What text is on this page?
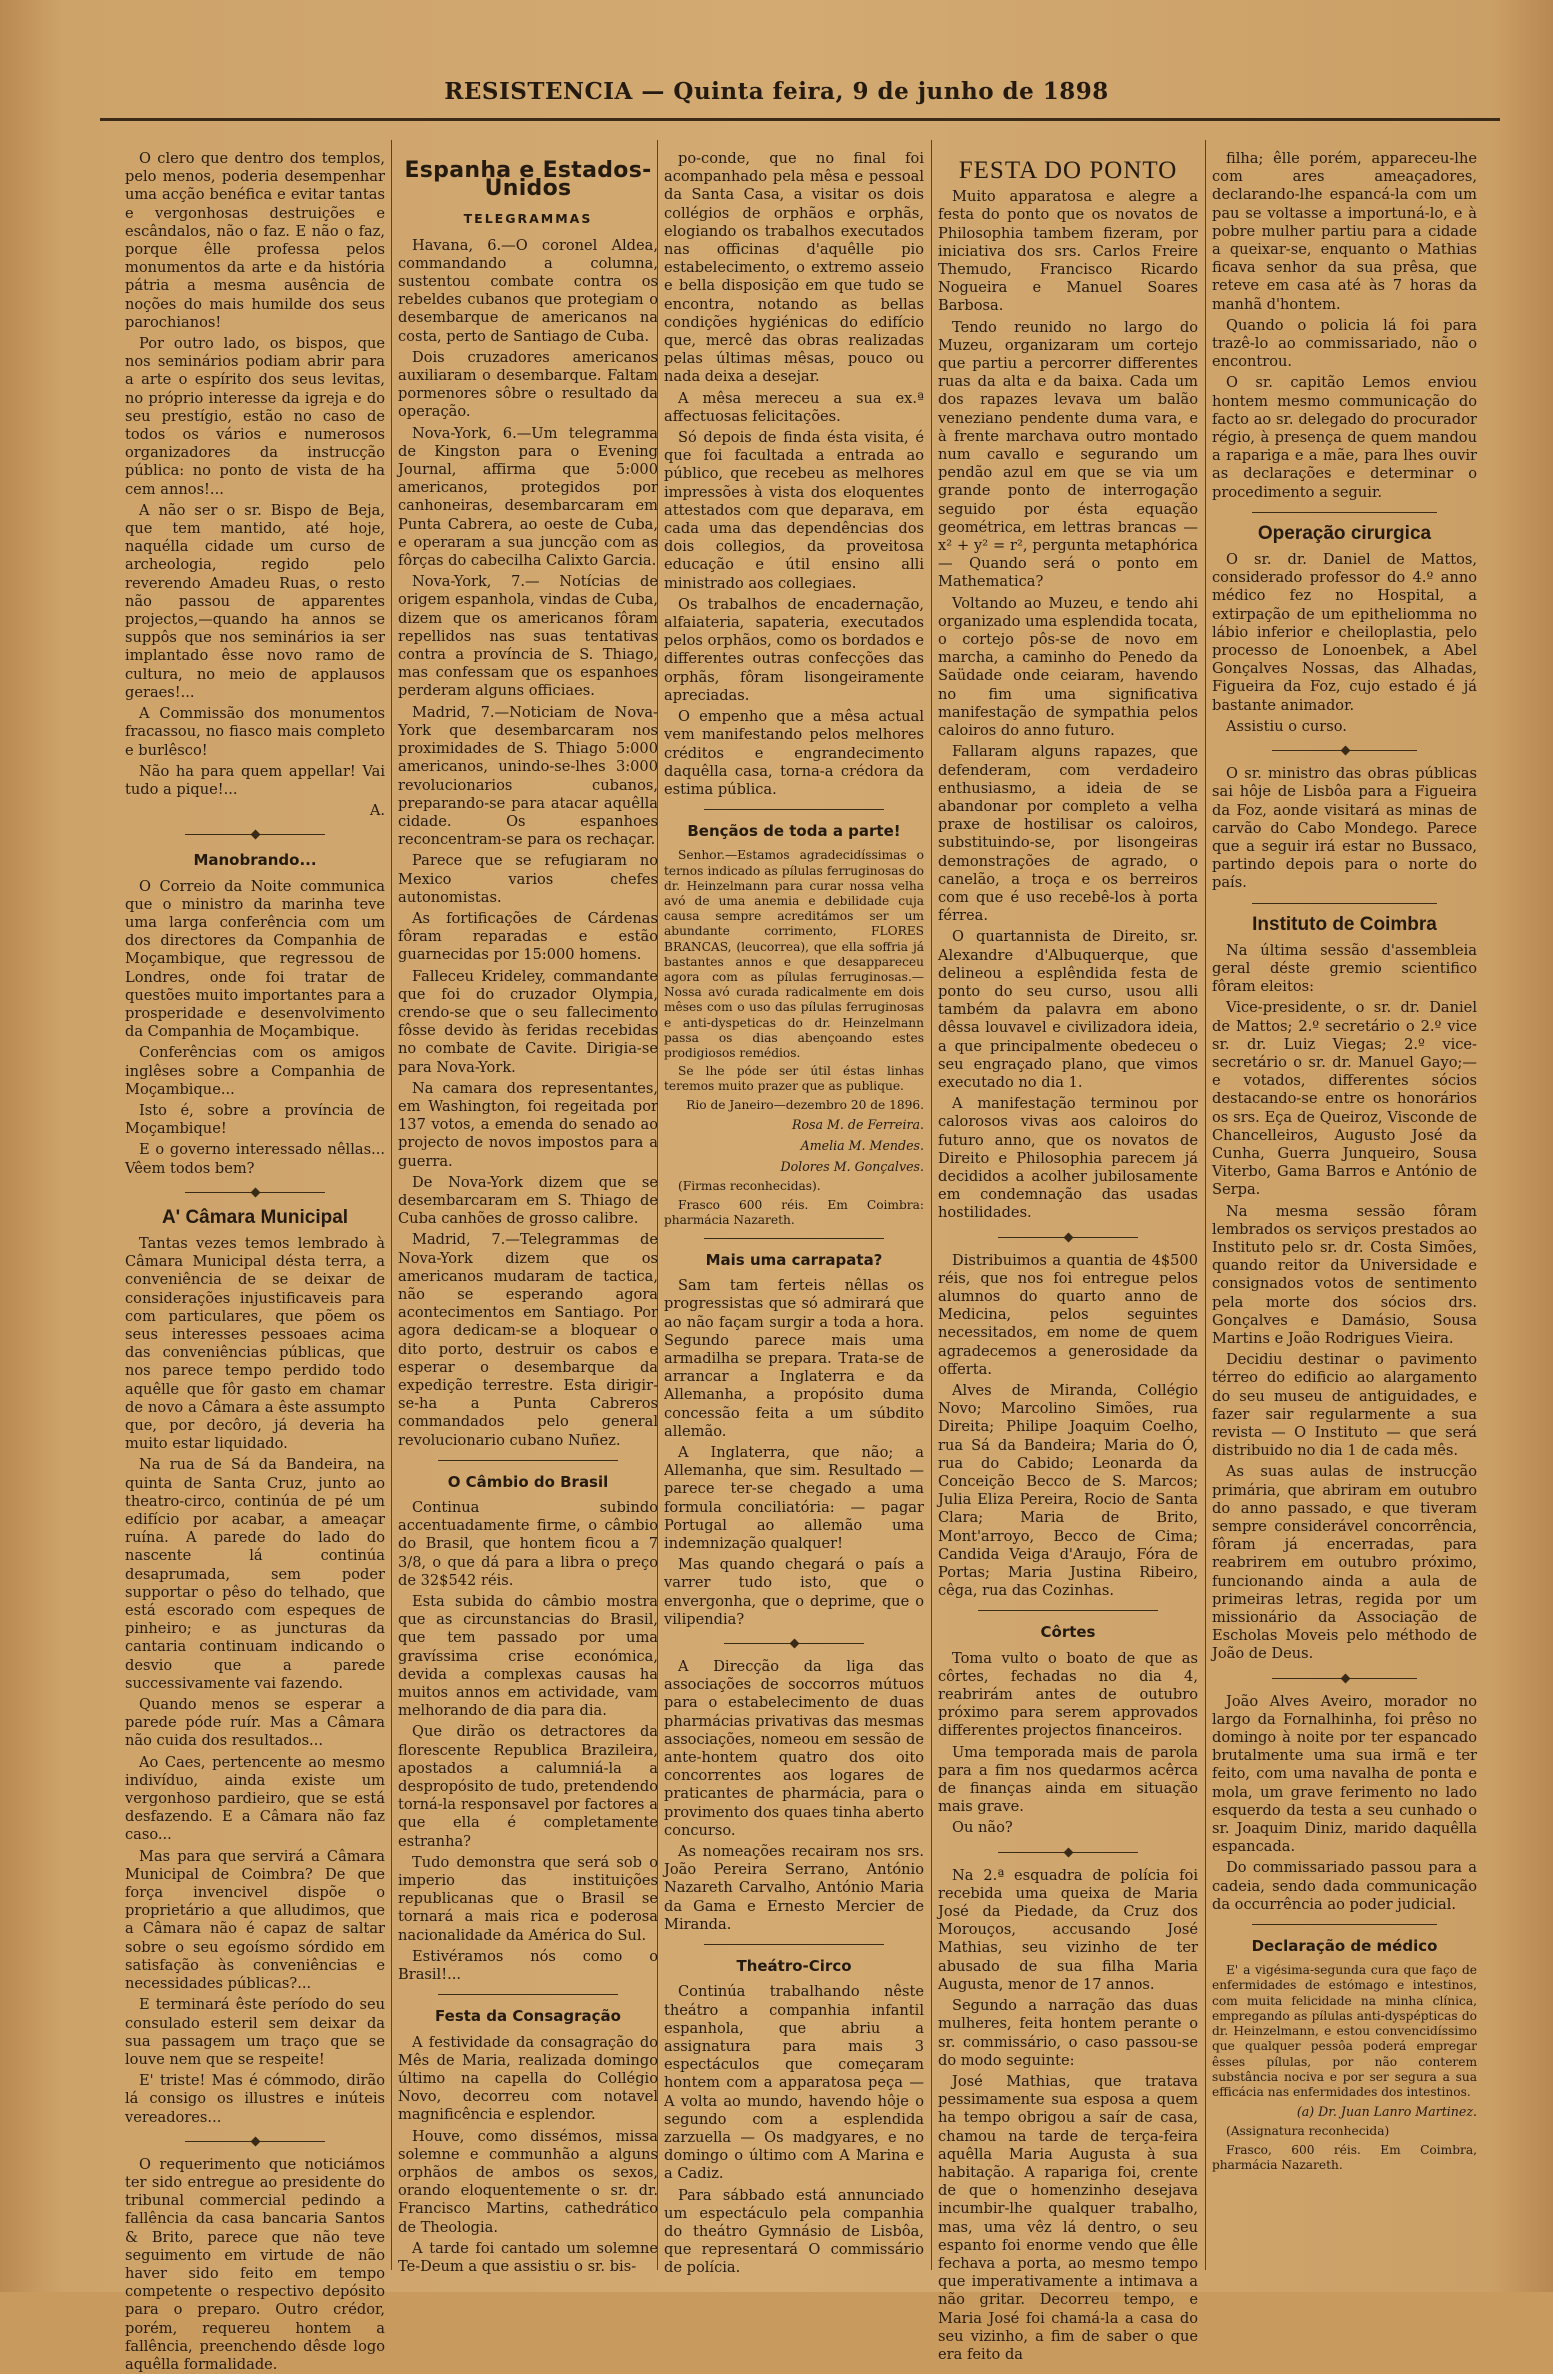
RESISTENCIA — Quinta feira, 9 de junho de 1898

O clero que dentro dos templos, pelo menos, poderia desempenhar uma acção benéfica e evitar tantas e vergonhosas destruições e escândalos, não o faz. E não o faz, porque êlle professa pelos monumentos da arte e da história pátria a mesma ausência de noções do mais humilde dos seus parochianos!

Por outro lado, os bispos, que nos seminários podiam abrir para a arte o espírito dos seus levitas, no próprio interesse da igreja e do seu prestígio, estão no caso de todos os vários e numerosos organizadores da instrucção pública: no ponto de vista de ha cem annos!...

A não ser o sr. Bispo de Beja, que tem mantido, até hoje, naquélla cidade um curso de archeologia, regido pelo reverendo Amadeu Ruas, o resto não passou de apparentes projectos,—quando ha annos se suppôs que nos seminários ia ser implantado êsse novo ramo de cultura, no meio de applausos geraes!...

A Commissão dos monumentos fracassou, no fiasco mais completo e burlêsco!

Não ha para quem appellar! Vai tudo a pique!...

A.

Manobrando...

O Correio da Noite communica que o ministro da marinha teve uma larga conferência com um dos directores da Companhia de Moçambique, que regressou de Londres, onde foi tratar de questões muito importantes para a prosperidade e desenvolvimento da Companhia de Moçambique.

Conferências com os amigos inglêses sobre a Companhia de Moçambique...

Isto é, sobre a província de Moçambique!

E o governo interessado nêllas... Vêem todos bem?

A' Câmara Municipal

Tantas vezes temos lembrado à Câmara Municipal désta terra, a conveniência de se deixar de considerações injustificaveis para com particulares, que põem os seus interesses pessoaes acima das conveniências públicas, que nos parece tempo perdido todo aquêlle que fôr gasto em chamar de novo a Câmara a êste assumpto que, por decôro, já deveria ha muito estar liquidado.

Na rua de Sá da Bandeira, na quinta de Santa Cruz, junto ao theatro-circo, continúa de pé um edifício por acabar, a ameaçar ruína. A parede do lado do nascente lá continúa desaprumada, sem poder supportar o pêso do telhado, que está escorado com espeques de pinheiro; e as juncturas da cantaria continuam indicando o desvio que a parede successivamente vai fazendo.

Quando menos se esperar a parede póde ruír. Mas a Câmara não cuida dos resultados...

Ao Caes, pertencente ao mesmo indivíduo, ainda existe um vergonhoso pardieiro, que se está desfazendo. E a Câmara não faz caso...

Mas para que servirá a Câmara Municipal de Coimbra? De que força invencivel dispõe o proprietário a que alludimos, que a Câmara não é capaz de saltar sobre o seu egoísmo sórdido em satisfação às conveniências e necessidades públicas?...

E terminará êste período do seu consulado esteril sem deixar da sua passagem um traço que se louve nem que se respeite!

E' triste! Mas é cómmodo, dirão lá consigo os illustres e inúteis vereadores...

O requerimento que noticiámos ter sido entregue ao presidente do tribunal commercial pedindo a fallência da casa bancaria Santos & Brito, parece que não teve seguimento em virtude de não haver sido feito em tempo competente o respectivo depósito para o preparo. Outro crédor, porém, requereu hontem a fallência, preenchendo dêsde logo aquêlla formalidade.

Espanha e Estados-Unidos
TELEGRAMMAS

Havana, 6.—O coronel Aldea, commandando a columna, sustentou combate contra os rebeldes cubanos que protegiam o desembarque de americanos na costa, perto de Santiago de Cuba.

Dois cruzadores americanos auxiliaram o desembarque. Faltam pormenores sôbre o resultado da operação.

Nova-York, 6.—Um telegramma de Kingston para o Evening Journal, affirma que 5:000 americanos, protegidos por canhoneiras, desembarcaram em Punta Cabrera, ao oeste de Cuba, e operaram a sua juncção com as fôrças do cabecilha Calixto Garcia.

Nova-York, 7.— Notícias de origem espanhola, vindas de Cuba, dizem que os americanos fôram repellidos nas suas tentativas contra a província de S. Thiago, mas confessam que os espanhoes perderam alguns officiaes.

Madrid, 7.—Noticiam de Nova-York que desembarcaram nos proximidades de S. Thiago 5:000 americanos, unindo-se-lhes 3:000 revolucionarios cubanos, preparando-se para atacar aquêlla cidade. Os espanhoes reconcentram-se para os rechaçar.

Parece que se refugiaram no Mexico varios chefes autonomistas.

As fortificações de Cárdenas fôram reparadas e estão guarnecidas por 15:000 homens.

Falleceu Krideley, commandante que foi do cruzador Olympia, crendo-se que o seu fallecimento fôsse devido às feridas recebidas no combate de Cavite. Dirigia-se para Nova-York.

Na camara dos representantes, em Washington, foi regeitada por 137 votos, a emenda do senado ao projecto de novos impostos para a guerra.

De Nova-York dizem que se desembarcaram em S. Thiago de Cuba canhões de grosso calibre.

Madrid, 7.—Telegrammas de Nova-York dizem que os americanos mudaram de tactica, não se esperando agora acontecimentos em Santiago. Por agora dedicam-se a bloquear o dito porto, destruir os cabos e esperar o desembarque da expedição terrestre. Esta dirigir-se-ha a Punta Cabreros commandados pelo general revolucionario cubano Nuñez.

O Câmbio do Brasil

Continua subindo accentuadamente firme, o câmbio do Brasil, que hontem ficou a 7 3/8, o que dá para a libra o preço de 32$542 réis.

Esta subida do câmbio mostra que as circunstancias do Brasil, que tem passado por uma gravíssima crise económica, devida a complexas causas ha muitos annos em actividade, vam melhorando de dia para dia.

Que dirão os detractores da florescente Republica Brazileira, apostados a calumniá-la a despropósito de tudo, pretendendo torná-la responsavel por factores a que ella é completamente estranha?

Tudo demonstra que será sob o imperio das instituições republicanas que o Brasil se tornará a mais rica e poderosa nacionalidade da América do Sul.

Estivéramos nós como o Brasil!...

Festa da Consagração

A festividade da consagração do Mês de Maria, realizada domingo último na capella do Collégio Novo, decorreu com notavel magnificência e esplendor.

Houve, como dissémos, missa solemne e communhão a alguns orphãos de ambos os sexos, orando eloquentemente o sr. dr. Francisco Martins, cathedrático de Theologia.

A tarde foi cantado um solemne Te-Deum a que assistiu o sr. bis-

po-conde, que no final foi acompanhado pela mêsa e pessoal da Santa Casa, a visitar os dois collégios de orphãos e orphãs, elogiando os trabalhos executados nas officinas d'aquêlle pio estabelecimento, o extremo asseio e bella disposição em que tudo se encontra, notando as bellas condições hygiénicas do edifício que, mercê das obras realizadas pelas últimas mêsas, pouco ou nada deixa a desejar.

A mêsa mereceu a sua ex.ª affectuosas felicitações.

Só depois de finda ésta visita, é que foi facultada a entrada ao público, que recebeu as melhores impressões à vista dos eloquentes attestados com que deparava, em cada uma das dependências dos dois collegios, da proveitosa educação e útil ensino alli ministrado aos collegiaes.

Os trabalhos de encadernação, alfaiateria, sapateria, executados pelos orphãos, como os bordados e differentes outras confecções das orphãs, fôram lisongeiramente apreciadas.

O empenho que a mêsa actual vem manifestando pelos melhores créditos e engrandecimento daquêlla casa, torna-a crédora da estima pública.

Bençãos de toda a parte!

Senhor.—Estamos agradecidíssimas o ternos indicado as pílulas ferruginosas do dr. Heinzelmann para curar nossa velha avó de uma anemia e debilidade cuja causa sempre acreditámos ser um abundante corrimento, FLORES BRANCAS, (leucorrea), que ella soffria já bastantes annos e que desappareceu agora com as pílulas ferruginosas.—Nossa avó curada radicalmente em dois mêses com o uso das pílulas ferruginosas e anti-dyspeticas do dr. Heinzelmann passa os dias abençoando estes prodigiosos remédios.

Se lhe póde ser útil éstas linhas teremos muito prazer que as publique.

Rio de Janeiro—dezembro 20 de 1896.

Rosa M. de Ferreira.

Amelia M. Mendes.

Dolores M. Gonçalves.

(Firmas reconhecidas).

Frasco 600 réis. Em Coimbra: pharmácia Nazareth.

Mais uma carrapata?

Sam tam ferteis nêllas os progressistas que só admirará que ao não façam surgir a toda a hora. Segundo parece mais uma armadilha se prepara. Trata-se de arrancar a Inglaterra e da Allemanha, a propósito duma concessão feita a um súbdito allemão.

A Inglaterra, que não; a Allemanha, que sim. Resultado — parece ter-se chegado a uma formula conciliatória: — pagar Portugal ao allemão uma indemnização qualquer!

Mas quando chegará o país a varrer tudo isto, que o envergonha, que o deprime, que o vilipendia?

A Direcção da liga das associações de soccorros mútuos para o estabelecimento de duas pharmácias privativas das mesmas associações, nomeou em sessão de ante-hontem quatro dos oito concorrentes aos logares de praticantes de pharmácia, para o provimento dos quaes tinha aberto concurso.

As nomeações recairam nos srs. João Pereira Serrano, António Nazareth Carvalho, António Maria da Gama e Ernesto Mercier de Miranda.

Theátro-Circo

Continúa trabalhando nêste theátro a companhia infantil espanhola, que abriu a assignatura para mais 3 espectáculos que começaram hontem com a apparatosa peça — A volta ao mundo, havendo hôje o segundo com a esplendida zarzuella — Os madgyares, e no domingo o último com A Marina e a Cadiz.

Para sábbado está annunciado um espectáculo pela companhia do theátro Gymnásio de Lisbôa, que representará O commissário de polícia.

FESTA DO PONTO

Muito apparatosa e alegre a festa do ponto que os novatos de Philosophia tambem fizeram, por iniciativa dos srs. Carlos Freire Themudo, Francisco Ricardo Nogueira e Manuel Soares Barbosa.

Tendo reunido no largo do Muzeu, organizaram um cortejo que partiu a percorrer differentes ruas da alta e da baixa. Cada um dos rapazes levava um balão veneziano pendente duma vara, e à frente marchava outro montado num cavallo e segurando um pendão azul em que se via um grande ponto de interrogação seguido por ésta equação geométrica, em lettras brancas — x² + y² = r², pergunta metaphórica — Quando será o ponto em Mathematica?

Voltando ao Muzeu, e tendo ahi organizado uma esplendida tocata, o cortejo pôs-se de novo em marcha, a caminho do Penedo da Saüdade onde ceiaram, havendo no fim uma significativa manifestação de sympathia pelos caloiros do anno futuro.

Fallaram alguns rapazes, que defenderam, com verdadeiro enthusiasmo, a ideia de se abandonar por completo a velha praxe de hostilisar os caloiros, substituindo-se, por lisongeiras demonstrações de agrado, o canelão, a troça e os berreiros com que é uso recebê-los à porta férrea.

O quartannista de Direito, sr. Alexandre d'Albuquerque, que delineou a esplêndida festa de ponto do seu curso, usou alli também da palavra em abono dêssa louvavel e civilizadora ideia, a que principalmente obedeceu o seu engraçado plano, que vimos executado no dia 1.

A manifestação terminou por calorosos vivas aos caloiros do futuro anno, que os novatos de Direito e Philosophia parecem já decididos a acolher jubilosamente em condemnação das usadas hostilidades.

Distribuimos a quantia de 4$500 réis, que nos foi entregue pelos alumnos do quarto anno de Medicina, pelos seguintes necessitados, em nome de quem agradecemos a generosidade da offerta.

Alves de Miranda, Collégio Novo; Marcolino Simões, rua Direita; Philipe Joaquim Coelho, rua Sá da Bandeira; Maria do Ó, rua do Cabido; Leonarda da Conceição Becco de S. Marcos; Julia Eliza Pereira, Rocio de Santa Clara; Maria de Brito, Mont'arroyo, Becco de Cima; Candida Veiga d'Araujo, Fóra de Portas; Maria Justina Ribeiro, cêga, rua das Cozinhas.

Côrtes

Toma vulto o boato de que as côrtes, fechadas no dia 4, reabrirám antes de outubro próximo para serem approvados differentes projectos financeiros.

Uma temporada mais de parola para a fim nos quedarmos acêrca de finanças ainda em situação mais grave.

Ou não?

Na 2.ª esquadra de polícia foi recebida uma queixa de Maria José da Piedade, da Cruz dos Morouços, accusando José Mathias, seu vizinho de ter abusado de sua filha Maria Augusta, menor de 17 annos.

Segundo a narração das duas mulheres, feita hontem perante o sr. commissário, o caso passou-se do modo seguinte:

José Mathias, que tratava pessimamente sua esposa a quem ha tempo obrigou a saír de casa, chamou na tarde de terça-feira aquêlla Maria Augusta à sua habitação. A rapariga foi, crente de que o homenzinho desejava incumbir-lhe qualquer trabalho, mas, uma vêz lá dentro, o seu espanto foi enorme vendo que êlle fechava a porta, ao mesmo tempo que imperativamente a intimava a não gritar. Decorreu tempo, e Maria José foi chamá-la a casa do seu vizinho, a fim de saber o que era feito da

filha; êlle porém, appareceu-lhe com ares ameaçadores, declarando-lhe espancá-la com um pau se voltasse a importuná-lo, e à pobre mulher partiu para a cidade a queixar-se, enquanto o Mathias ficava senhor da sua prêsa, que reteve em casa até às 7 horas da manhã d'hontem.

Quando o policia lá foi para trazê-lo ao commissariado, não o encontrou.

O sr. capitão Lemos enviou hontem mesmo communicação do facto ao sr. delegado do procurador régio, à presença de quem mandou a rapariga e a mãe, para lhes ouvir as declarações e determinar o procedimento a seguir.

Operação cirurgica

O sr. dr. Daniel de Mattos, considerado professor do 4.º anno médico fez no Hospital, a extirpação de um epitheliomma no lábio inferior e cheiloplastia, pelo processo de Lonoenbek, a Abel Gonçalves Nossas, das Alhadas, Figueira da Foz, cujo estado é já bastante animador.

Assistiu o curso.

O sr. ministro das obras públicas sai hôje de Lisbôa para a Figueira da Foz, aonde visitará as minas de carvão do Cabo Mondego. Parece que a seguir irá estar no Bussaco, partindo depois para o norte do país.

Instituto de Coimbra

Na última sessão d'assembleia geral déste gremio scientifico fôram eleitos:

Vice-presidente, o sr. dr. Daniel de Mattos; 2.º secretário o 2.º vice sr. dr. Luiz Viegas; 2.º vice-secretário o sr. dr. Manuel Gayo;—e votados, differentes sócios destacando-se entre os honorários os srs. Eça de Queiroz, Visconde de Chancelleiros, Augusto José da Cunha, Guerra Junqueiro, Sousa Viterbo, Gama Barros e António de Serpa.

Na mesma sessão fôram lembrados os serviços prestados ao Instituto pelo sr. dr. Costa Simões, quando reitor da Universidade e consignados votos de sentimento pela morte dos sócios drs. Gonçalves e Damásio, Sousa Martins e João Rodrigues Vieira.

Decidiu destinar o pavimento térreo do edificio ao alargamento do seu museu de antiguidades, e fazer sair regularmente a sua revista — O Instituto — que será distribuido no dia 1 de cada mês.

As suas aulas de instrucção primária, que abriram em outubro do anno passado, e que tiveram sempre considerável concorrência, fôram já encerradas, para reabrirem em outubro próximo, funcionando ainda a aula de primeiras letras, regida por um missionário da Associação de Escholas Moveis pelo méthodo de João de Deus.

João Alves Aveiro, morador no largo da Fornalhinha, foi prêso no domingo à noite por ter espancado brutalmente uma sua irmã e ter feito, com uma navalha de ponta e mola, um grave ferimento no lado esquerdo da testa a seu cunhado o sr. Joaquim Diniz, marido daquêlla espancada.

Do commissariado passou para a cadeia, sendo dada communicação da occurrência ao poder judicial.

Declaração de médico

E' a vigésima-segunda cura que faço de enfermidades de estómago e intestinos, com muita felicidade na minha clínica, empregando as pílulas anti-dyspépticas do dr. Heinzelmann, e estou convencidíssimo que qualquer pessôa poderá empregar êsses pílulas, por não conterem substância nociva e por ser segura a sua efficácia nas enfermidades dos intestinos.

(a) Dr. Juan Lanro Martinez.

(Assignatura reconhecida)

Frasco, 600 réis. Em Coimbra, pharmácia Nazareth.
